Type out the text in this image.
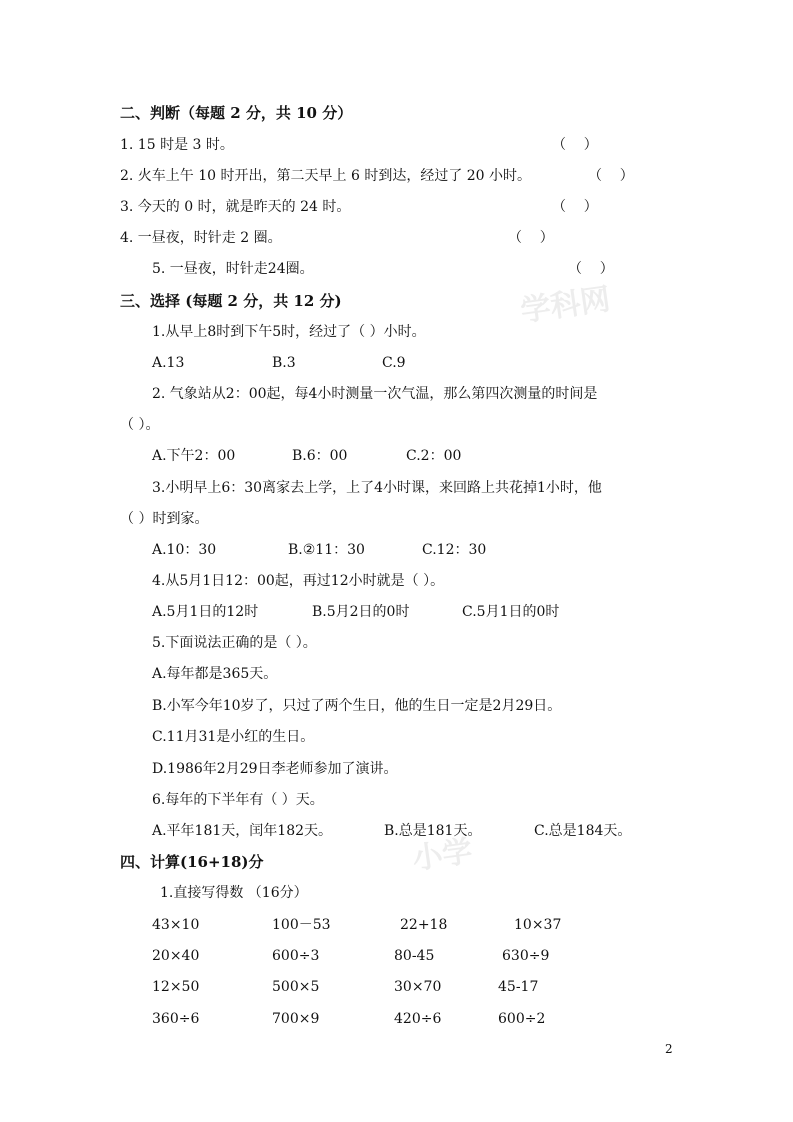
学科网
小学
二、判断（每题 2 分，共 10 分）
1. 15 时是 3 时。	（    ）
2. 火车上午 10 时开出，第二天早上 6 时到达，经过了 20 小时。	（    ）
3. 今天的 0 时，就是昨天的 24 时。	（    ）
4. 一昼夜，时针走 2 圈。	（    ）
5. 一昼夜，时针走24圈。	（    ）
三、选择 (每题 2 分，共 12 分)
1.从早上8时到下午5时，经过了（ ）小时。
A.13	B.3	C.9
2. 气象站从2：00起，每4小时测量一次气温，那么第四次测量的时间是
（ ）。
A.下午2：00	B.6：00	C.2：00
3.小明早上6：30离家去上学，上了4小时课，来回路上共花掉1小时，他
（ ）时到家。
A.10：30	B.②11：30	C.12：30
4.从5月1日12：00起，再过12小时就是（ ）。
A.5月1日的12时	B.5月2日的0时	C.5月1日的0时
5.下面说法正确的是（ ）。
A.每年都是365天。
B.小军今年10岁了，只过了两个生日，他的生日一定是2月29日。
C.11月31是小红的生日。
D.1986年2月29日李老师参加了演讲。
6.每年的下半年有（ ）天。
A.平年181天，闰年182天。	B.总是181天。	C.总是184天。
四、计算(16+18)分
1.直接写得数 （16分）
43×10	100－53	22+18	10×37
20×40	600÷3	80-45	630÷9
12×50	500×5	30×70	45-17
360÷6	700×9	420÷6	600÷2
2
